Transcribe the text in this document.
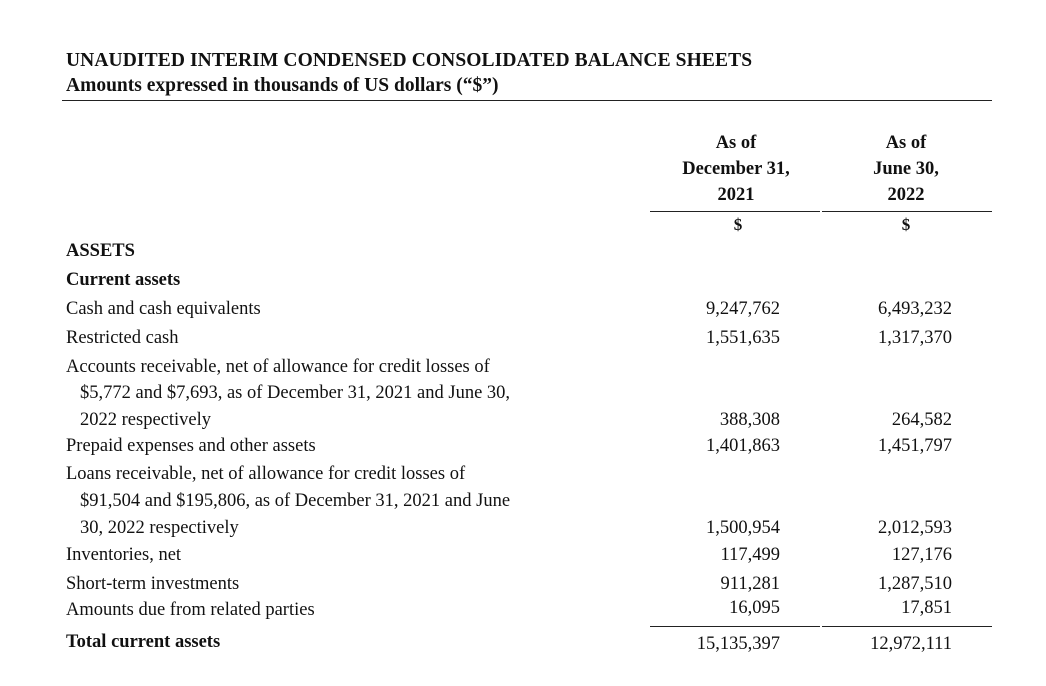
UNAUDITED INTERIM CONDENSED CONSOLIDATED BALANCE SHEETS
Amounts expressed in thousands of US dollars (“$”)
As of
December 31,
2021
As of
June 30,
2022
$	$
ASSETS
Current assets
Cash and cash equivalents	9,247,762	6,493,232
Restricted cash	1,551,635	1,317,370
Accounts receivable, net of allowance for credit losses of
$5,772 and $7,693, as of December 31, 2021 and June 30,
2022 respectively	388,308	264,582
Prepaid expenses and other assets	1,401,863	1,451,797
Loans receivable, net of allowance for credit losses of
$91,504 and $195,806, as of December 31, 2021 and June
30, 2022 respectively	1,500,954	2,012,593
Inventories, net	117,499	127,176
Short-term investments	911,281	1,287,510
Amounts due from related parties	16,095	17,851
Total current assets	15,135,397	12,972,111
